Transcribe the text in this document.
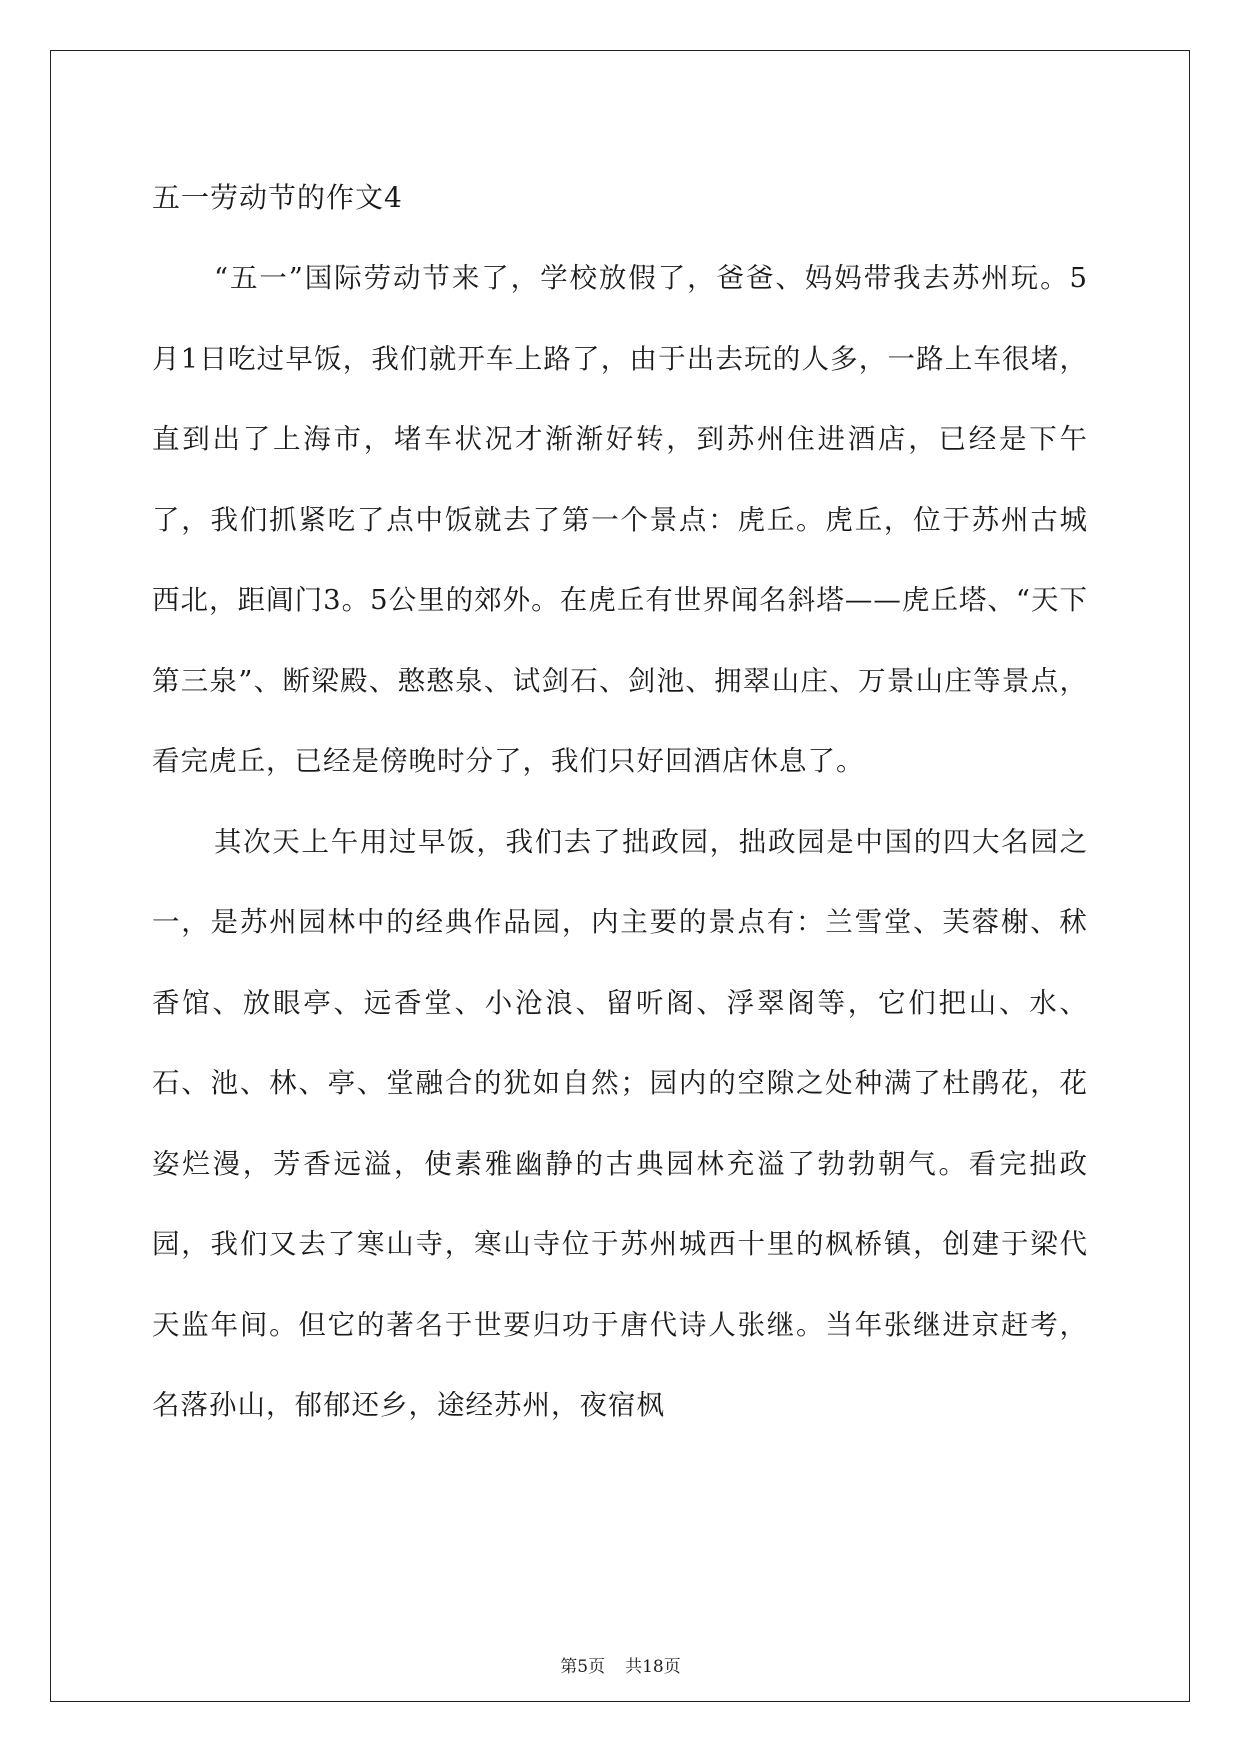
五一劳动节的作文4

“五一”国际劳动节来了，学校放假了，爸爸、妈妈带我去苏州玩。5月1日吃过早饭，我们就开车上路了，由于出去玩的人多，一路上车很堵，直到出了上海市，堵车状况才渐渐好转，到苏州住进酒店，已经是下午了，我们抓紧吃了点中饭就去了第一个景点：虎丘。虎丘，位于苏州古城西北，距阊门3。5公里的郊外。在虎丘有世界闻名斜塔——虎丘塔、“天下第三泉”、断梁殿、憨憨泉、试剑石、剑池、拥翠山庄、万景山庄等景点，看完虎丘，已经是傍晚时分了，我们只好回酒店休息了。

其次天上午用过早饭，我们去了拙政园，拙政园是中国的四大名园之一，是苏州园林中的经典作品园，内主要的景点有：兰雪堂、芙蓉榭、秫香馆、放眼亭、远香堂、小沧浪、留听阁、浮翠阁等，它们把山、水、石、池、林、亭、堂融合的犹如自然；园内的空隙之处种满了杜鹃花，花姿烂漫，芳香远溢，使素雅幽静的古典园林充溢了勃勃朝气。看完拙政园，我们又去了寒山寺，寒山寺位于苏州城西十里的枫桥镇，创建于梁代天监年间。但它的著名于世要归功于唐代诗人张继。当年张继进京赶考，名落孙山，郁郁还乡，途经苏州，夜宿枫

第5页 共18页
